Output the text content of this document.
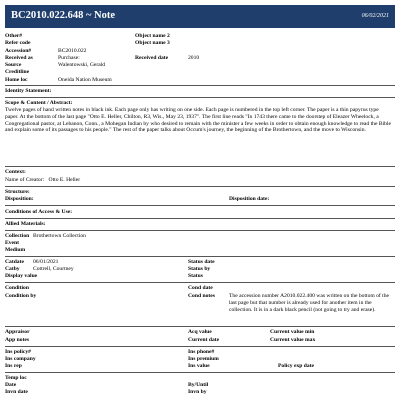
BC2010.022.648 ~ Note	06/02/2021
Other#
Refer code
Accession#	BC2010.022
Received as	Purchase:
Source	Walentowski, Gerald
Creditline
Home loc	Oneida Nation Museum
Object name 2
Object name 3
Received date	2010
Identity Statement:
Scope & Content / Abstract:
Twelve pages of hand written notes in black ink. Each page only has writing on one side. Each page is numbered in the top left corner. The paper is a thin papyrus type paper. At the bottom of the last page "Otto E. Heller, Chilton, R3, Wis., May 23, 1937". The first line reads "In 1743 there came to the doorstep of Eleazer Wheelock, a Congregational pastor, at Lebanon, Conn., a Mohegan Indian by who desired to remain with the minister a few weeks in order to obtain enough knowledge to read the Bible and explain some of its passages to his people." The rest of the paper talks about Occum's journey, the beginning of the Brothertown, and the move to Wisconsin.
Context:
Name of Creator: Otto E. Heller
Structure:
Disposition:	Disposition date:
Conditions of Access & Use:
Allied Materials:
Collection Brothertown Collection
Event
Medium
Catdate 06/01/2021
Catby Cottrell, Courtney
Display value
Status date
Status by
Status
Condition
Condition by
Cond date
Cond notes	The accession number A2010.022.400 was written on the bottom of the last page but that number is already used for another item in the collection. It is in a dark black pencil (not going to try and erase).
Appraisor
App notes
Acq value
Current date
Current value min
Current value max
Ins policy#
Ins company
Ins rep
Ins phone#
Ins premium
Ins value	Policy exp date
Temp loc
Date
Invn date
By/Until
Invn by
